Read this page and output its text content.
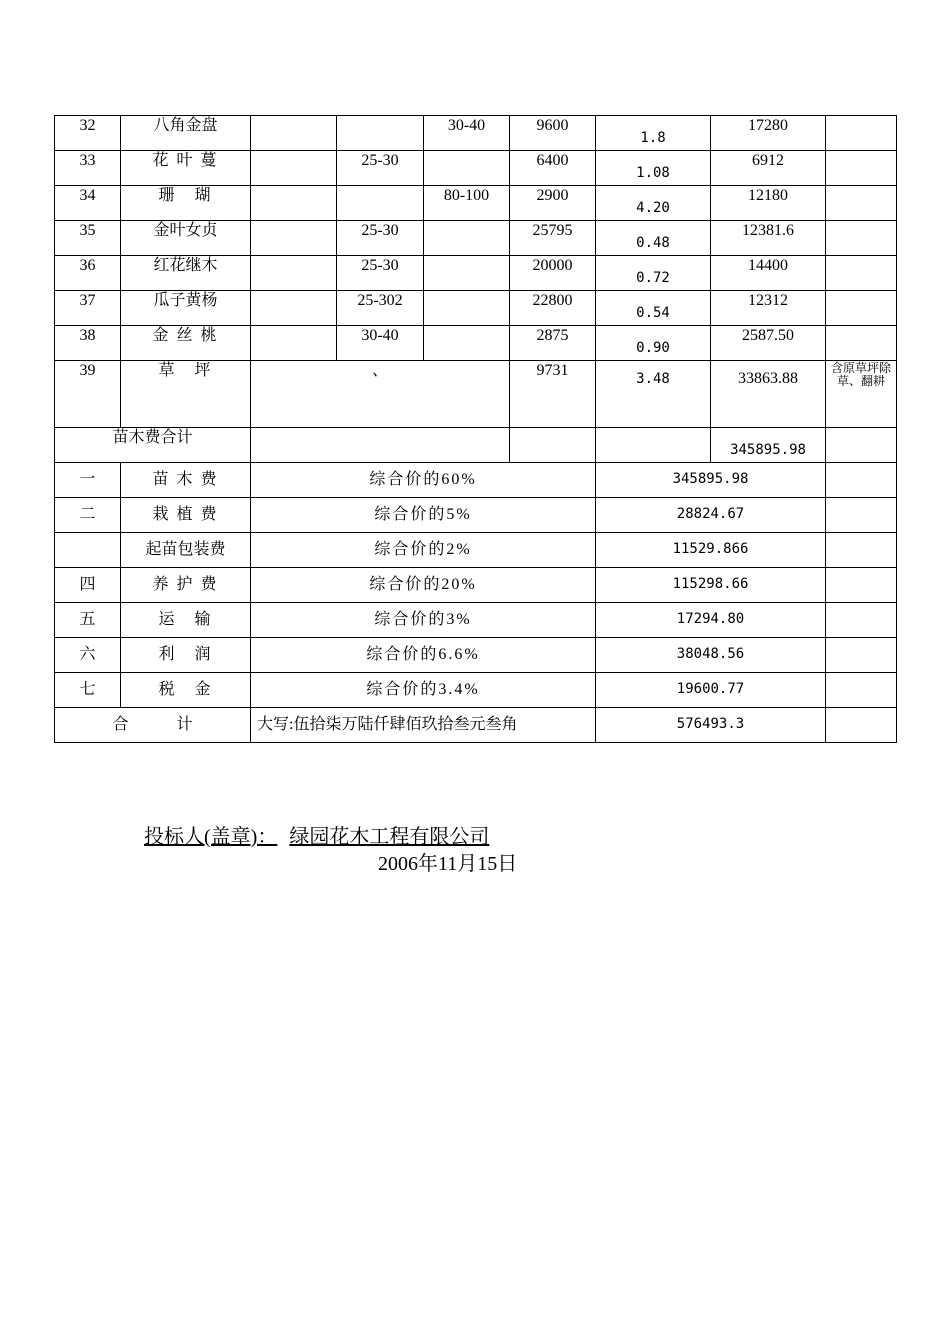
32	八角金盘			30-40	9600	1.8	17280	
33	花 叶 蔓		25-30		6400	1.08	6912	
34	珊　瑚			80-100	2900	4.20	12180	
35	金叶女贞		25-30		25795	0.48	12381.6	
36	红花继木		25-30		20000	0.72	14400	
37	瓜子黄杨		25-302		22800	0.54	12312	
38	金 丝 桃		30-40		2875	0.90	2587.50	
39	草　坪	、			9731	3.48	33863.88	含原草坪除草、翻耕
苗木费合计							345895.98	
一	苗 木 费	综合价的60%				345895.98		
二	栽 植 费	综合价的5%				28824.67		
	起苗包装费	综合价的2%				11529.866		
四	养 护 费	综合价的20%				115298.66		
五	运　输	综合价的3%				17294.80		
六	利　润	综合价的6.6%				38048.56		
七	税　金	综合价的3.4%				19600.77		
合　　　计		大写:伍拾柒万陆仟肆佰玖拾叁元叁角				576493.3		
投标人(盖章)： 绿园花木工程有限公司
2006年11月15日
